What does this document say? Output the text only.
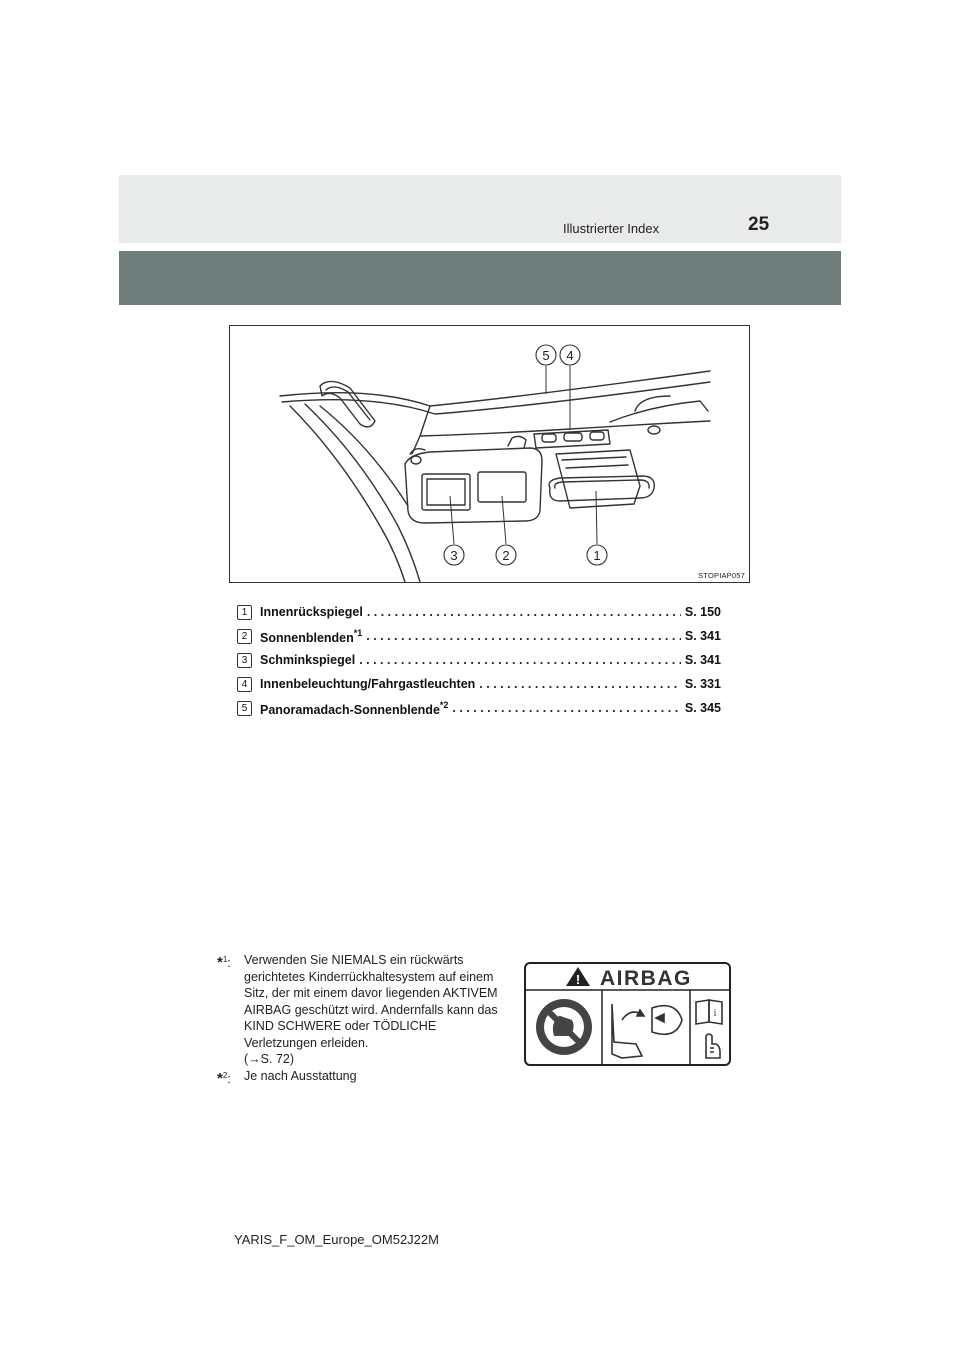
Illustrierter Index	25
3	2	1
5 4
STOPIAP057
1	Innenrückspiegel . . .	S. 150
2	Sonnenblenden$^{*1}$ . . .	S. 341
3	Schminkspiegel . . .	S. 341
4	Innenbeleuchtung/Fahrgastleuchten . . .	S. 331
5	Panoramadach-Sonnenblende$^{*2}$ . . .	S. 345
*$^1$:	Verwenden Sie NIEMALS ein rückwärts gerichtetes Kinderrückhaltesystem auf einem Sitz, der mit einem davor liegenden AKTIVEM AIRBAG geschützt wird. Andernfalls kann das KIND SCHWERE oder TÖDLICHE Verletzungen erleiden.
(→S. 72)
*$^2$:	Je nach Ausstattung
!
i
AIRBAG
YARIS_F_OM_Europe_OM52J22M
